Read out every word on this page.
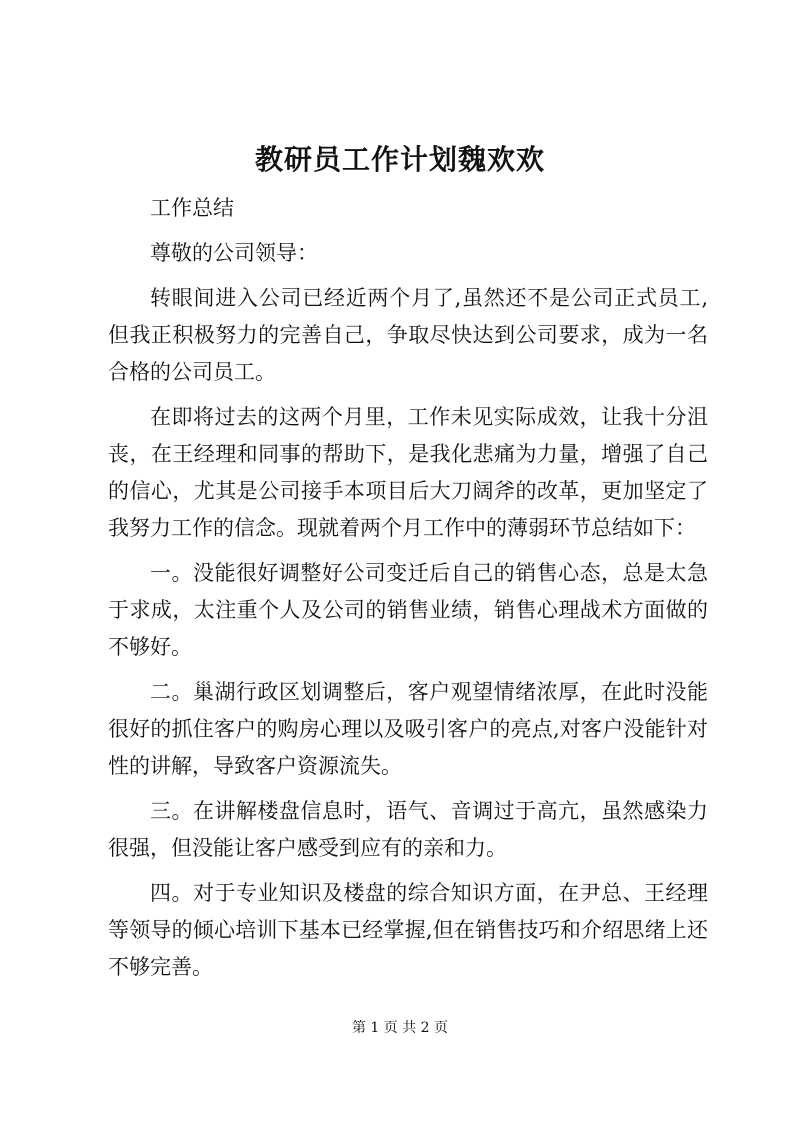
教研员工作计划魏欢欢

工作总结

尊敬的公司领导：

转眼间进入公司已经近两个月了,虽然还不是公司正式员工,但我正积极努力的完善自己，争取尽快达到公司要求，成为一名合格的公司员工。

在即将过去的这两个月里，工作未见实际成效，让我十分沮丧，在王经理和同事的帮助下，是我化悲痛为力量，增强了自己的信心，尤其是公司接手本项目后大刀阔斧的改革，更加坚定了我努力工作的信念。现就着两个月工作中的薄弱环节总结如下：

一。没能很好调整好公司变迁后自己的销售心态，总是太急于求成，太注重个人及公司的销售业绩，销售心理战术方面做的不够好。

二。巢湖行政区划调整后，客户观望情绪浓厚，在此时没能很好的抓住客户的购房心理以及吸引客户的亮点,对客户没能针对性的讲解，导致客户资源流失。

三。在讲解楼盘信息时，语气、音调过于高亢，虽然感染力很强，但没能让客户感受到应有的亲和力。

四。对于专业知识及楼盘的综合知识方面，在尹总、王经理等领导的倾心培训下基本已经掌握,但在销售技巧和介绍思绪上还不够完善。

第 1 页 共 2 页
